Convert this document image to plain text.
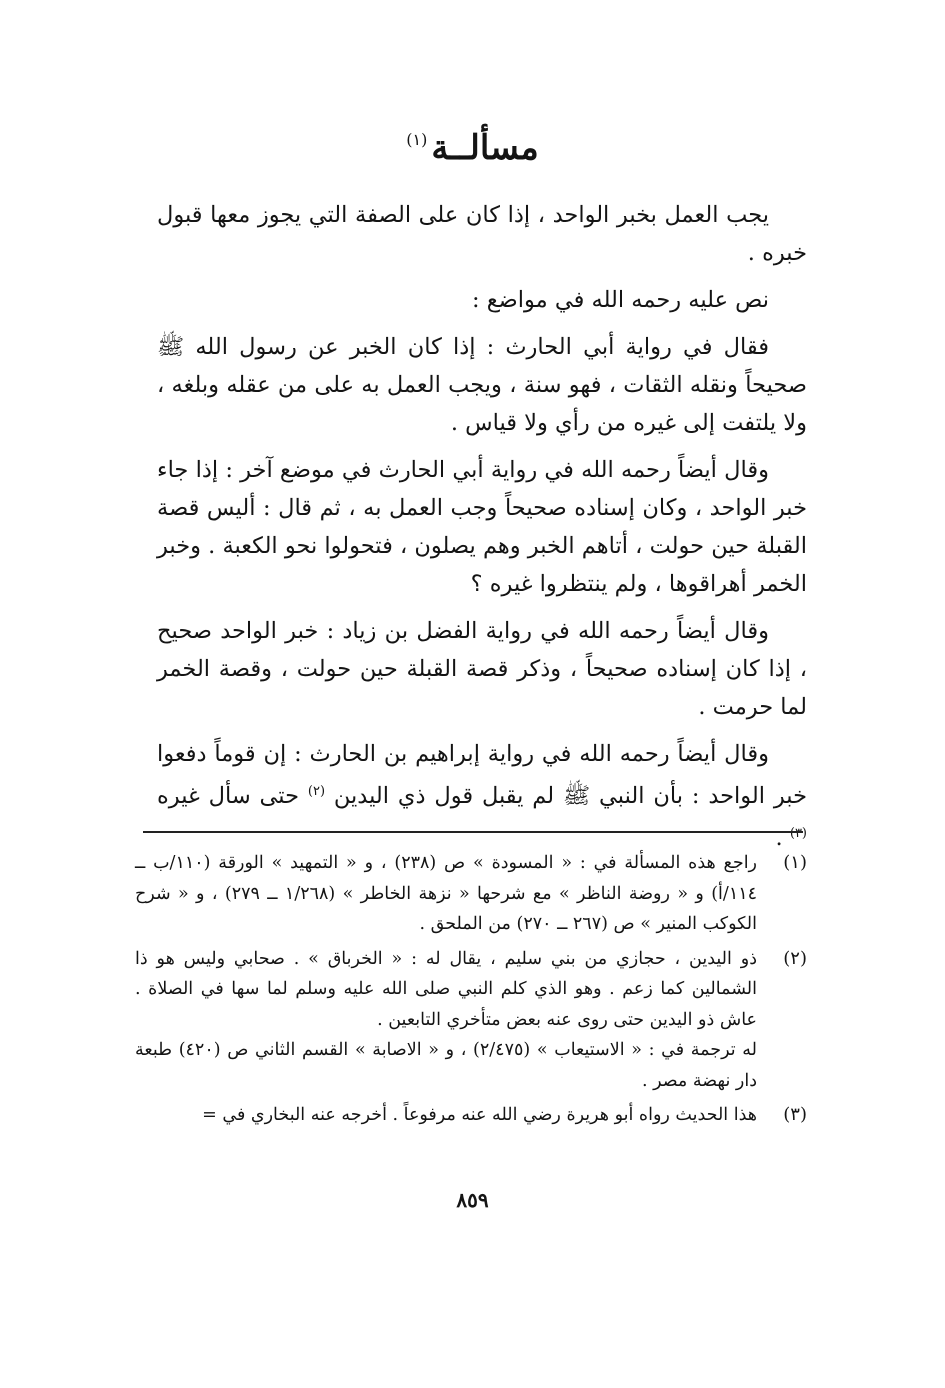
مسألــة$^{(١)}$

يجب العمل بخبر الواحد ، إذا كان على الصفة التي يجوز معها قبول خبره .

نص عليه رحمه الله في مواضع :

فقال في رواية أبي الحارث : إذا كان الخبر عن رسول الله ﷺ صحيحاً ونقله الثقات ، فهو سنة ، ويجب العمل به على من عقله وبلغه ، ولا يلتفت إلى غيره من رأي ولا قياس .

وقال أيضاً رحمه الله في رواية أبي الحارث في موضع آخر : إذا جاء خبر الواحد ، وكان إسناده صحيحاً وجب العمل به ، ثم قال : أليس قصة القبلة حين حولت ، أتاهم الخبر وهم يصلون ، فتحولوا نحو الكعبة . وخبر الخمر أهراقوها ، ولم ينتظروا غيره ؟

وقال أيضاً رحمه الله في رواية الفضل بن زياد : خبر الواحد صحيح ، إذا كان إسناده صحيحاً ، وذكر قصة القبلة حين حولت ، وقصة الخمر لما حرمت .

وقال أيضاً رحمه الله في رواية إبراهيم بن الحارث : إن قوماً دفعوا خبر الواحد : بأن النبي ﷺ لم يقبل قول ذي اليدين $^{(٢)}$ حتى سأل غيره $^{(٣)}$ .

(١)

راجع هذه المسألة في : « المسودة » ص (٢٣٨) ، و « التمهيد » الورقة (١١٠/ب ــ ١١٤/أ) و « روضة الناظر » مع شرحها « نزهة الخاطر » (١/٢٦٨ ــ ٢٧٩) ، و « شرح الكوكب المنير » ص (٢٦٧ ــ ٢٧٠) من الملحق .

(٢)

ذو اليدين ، حجازي من بني سليم ، يقال له : « الخرباق » . صحابي وليس هو ذا الشمالين كما زعم . وهو الذي كلم النبي صلى الله عليه وسلم لما سها في الصلاة . عاش ذو اليدين حتى روى عنه بعض متأخري التابعين .

له ترجمة في : « الاستيعاب » (٢/٤٧٥) ، و « الاصابة » القسم الثاني ص (٤٢٠) طبعة دار نهضة مصر .

(٣)

هذا الحديث رواه أبو هريرة رضي الله عنه مرفوعاً . أخرجه عنه البخاري في =

٨٥٩
